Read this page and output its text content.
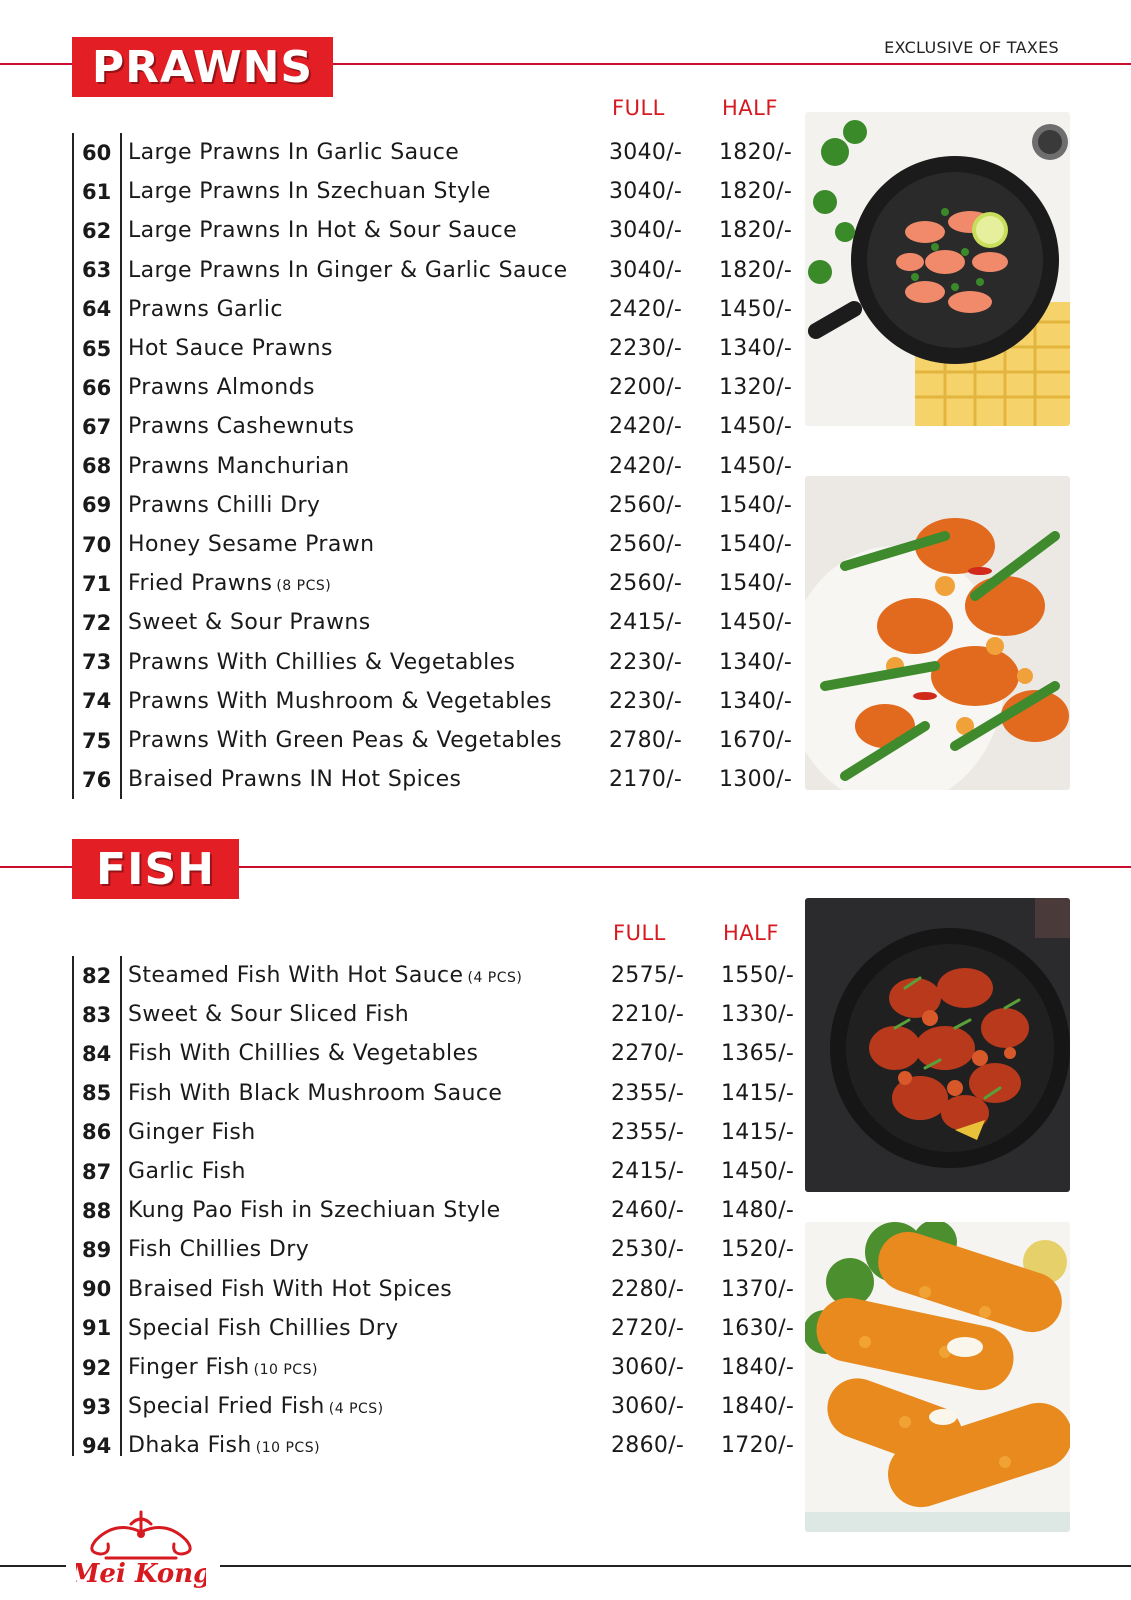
PRAWNS	EXCLUSIVE OF TAXES
FULL	HALF
60 Large Prawns In Garlic Sauce	3040/- 1820/-
61 Large Prawns In Szechuan Style	3040/- 1820/-
62 Large Prawns In Hot & Sour Sauce	3040/- 1820/-
63 Large Prawns In Ginger & Garlic Sauce 3040/- 1820/-
64 Prawns Garlic	2420/- 1450/-
65 Hot Sauce Prawns	2230/- 1340/-
66 Prawns Almonds	2200/- 1320/-
67 Prawns Cashewnuts	2420/- 1450/-
68 Prawns Manchurian	2420/- 1450/-
69 Prawns Chilli Dry	2560/- 1540/-
70 Honey Sesame Prawn	2560/- 1540/-
71 Fried Prawns (8 PCS)	2560/- 1540/-
72 Sweet & Sour Prawns	2415/- 1450/-
73 Prawns With Chillies & Vegetables	2230/- 1340/-
74 Prawns With Mushroom & Vegetables	2230/- 1340/-
75 Prawns With Green Peas & Vegetables 2780/- 1670/-
76 Braised Prawns IN Hot Spices	2170/- 1300/-
FISH
FULL	HALF
82 Steamed Fish With Hot Sauce (4 PCS)	2575/- 1550/-
83 Sweet & Sour Sliced Fish	2210/- 1330/-
84 Fish With Chillies & Vegetables	2270/- 1365/-
85 Fish With Black Mushroom Sauce	2355/- 1415/-
86 Ginger Fish	2355/- 1415/-
87 Garlic Fish	2415/- 1450/-
88 Kung Pao Fish in Szechiuan Style	2460/- 1480/-
89 Fish Chillies Dry	2530/- 1520/-
90 Braised Fish With Hot Spices	2280/- 1370/-
91 Special Fish Chillies Dry	2720/- 1630/-
92 Finger Fish (10 PCS)	3060/- 1840/-
93 Special Fried Fish (4 PCS)	3060/- 1840/-
94 Dhaka Fish (10 PCS)	2860/- 1720/-
Mei Kong
